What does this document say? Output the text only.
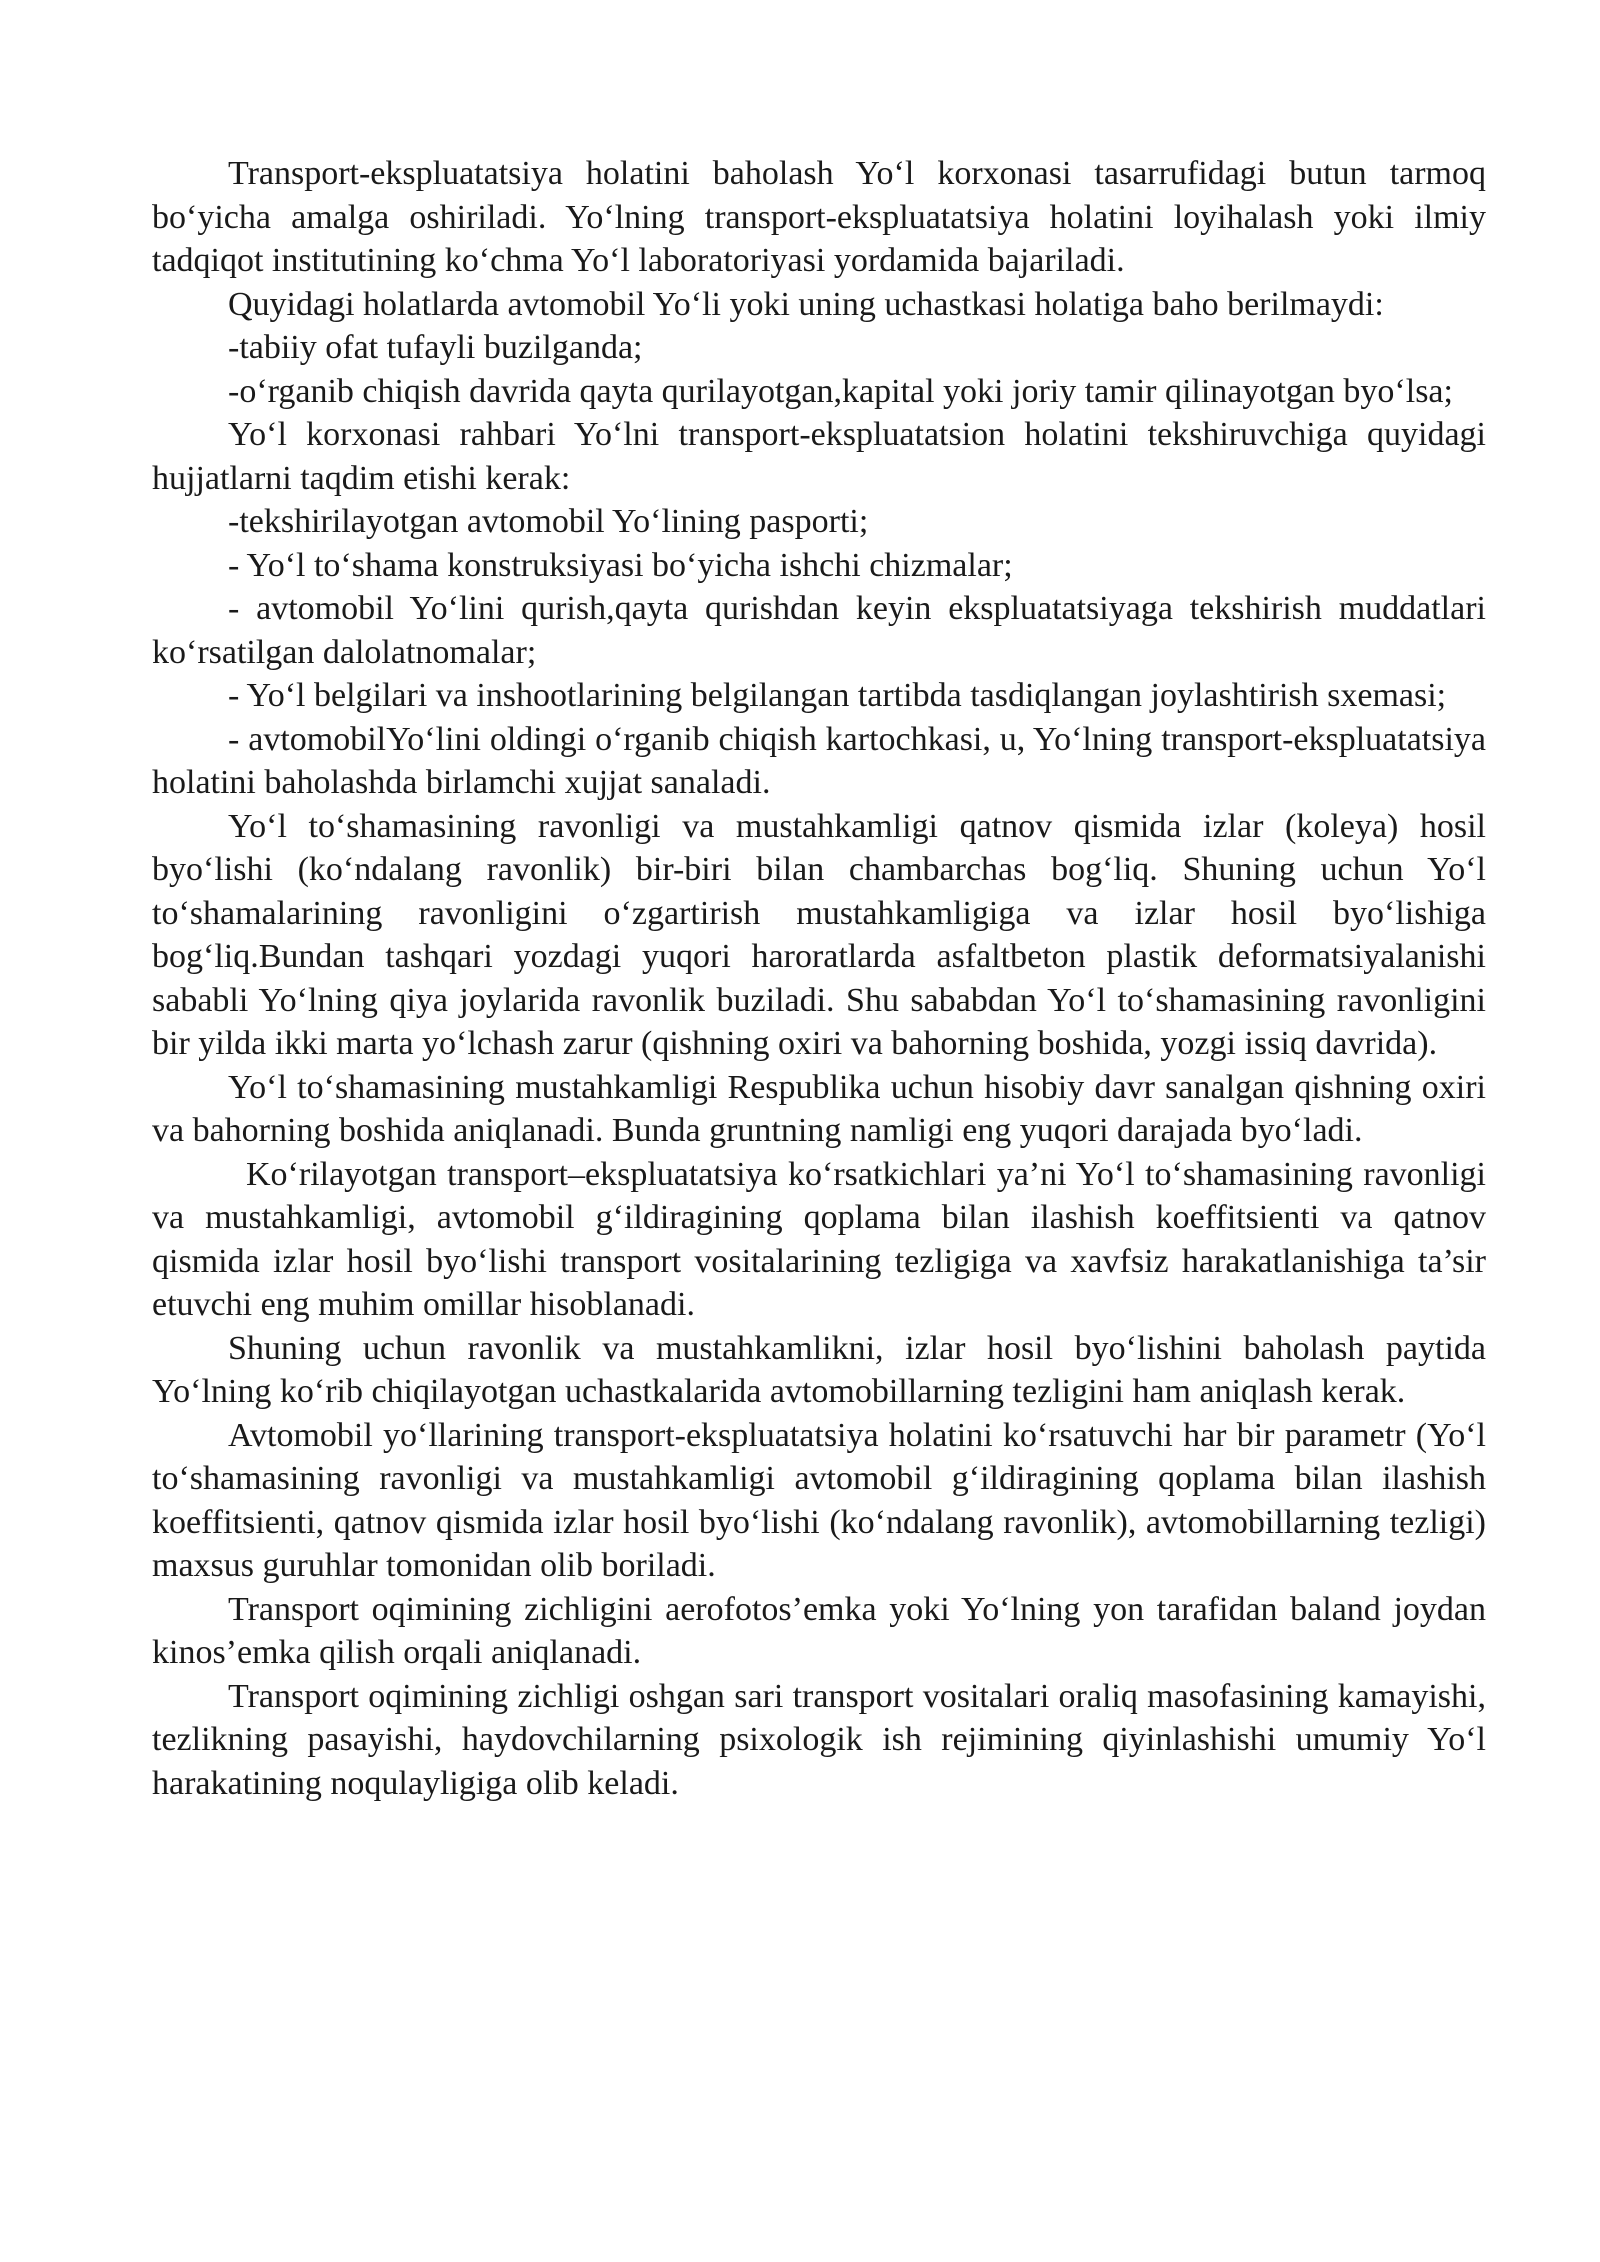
Transport-ekspluatatsiya holatini baholash Yo‘l korxonasi tasarrufidagi butun tarmoq bo‘yicha amalga oshiriladi. Yo‘lning transport-ekspluatatsiya holatini loyihalash yoki ilmiy tadqiqot institutining ko‘chma Yo‘l laboratoriyasi yordamida bajariladi.

Quyidagi holatlarda avtomobil Yo‘li yoki uning uchastkasi holatiga baho berilmaydi:

-tabiiy ofat tufayli buzilganda;

-o‘rganib chiqish davrida qayta qurilayotgan,kapital yoki joriy tamir qilinayotgan byo‘lsa;

Yo‘l korxonasi rahbari Yo‘lni transport-ekspluatatsion holatini tekshiruvchiga quyidagi hujjatlarni taqdim etishi kerak:

-tekshirilayotgan avtomobil Yo‘lining pasporti;

- Yo‘l to‘shama konstruksiyasi bo‘yicha ishchi chizmalar;

- avtomobil Yo‘lini qurish,qayta qurishdan keyin ekspluatatsiyaga tekshirish muddatlari ko‘rsatilgan dalolatnomalar;

- Yo‘l belgilari va inshootlarining belgilangan tartibda tasdiqlangan joylashtirish sxemasi;

- avtomobilYo‘lini oldingi o‘rganib chiqish kartochkasi, u, Yo‘lning transport-ekspluatatsiya holatini baholashda birlamchi xujjat sanaladi.

Yo‘l to‘shamasining ravonligi va mustahkamligi qatnov qismida izlar (koleya) hosil byo‘lishi (ko‘ndalang ravonlik) bir-biri bilan chambarchas bog‘liq. Shuning uchun Yo‘l to‘shamalarining ravonligini o‘zgartirish mustahkamligiga va izlar hosil byo‘lishiga bog‘liq.Bundan tashqari yozdagi yuqori haroratlarda asfaltbeton plastik deformatsiyalanishi sababli Yo‘lning qiya joylarida ravonlik buziladi. Shu sababdan Yo‘l to‘shamasining ravonligini bir yilda ikki marta yo‘lchash zarur (qishning oxiri va bahorning boshida, yozgi issiq davrida).

Yo‘l to‘shamasining mustahkamligi Respublika uchun hisobiy davr sanalgan qishning oxiri va bahorning boshida aniqlanadi. Bunda gruntning namligi eng yuqori darajada byo‘ladi.

Ko‘rilayotgan transport–ekspluatatsiya ko‘rsatkichlari ya’ni Yo‘l to‘shamasining ravonligi va mustahkamligi, avtomobil g‘ildiragining qoplama bilan ilashish koeffitsienti va qatnov qismida izlar hosil byo‘lishi transport vositalarining tezligiga va xavfsiz harakatlanishiga ta’sir etuvchi eng muhim omillar hisoblanadi.

Shuning uchun ravonlik va mustahkamlikni, izlar hosil byo‘lishini baholash paytida Yo‘lning ko‘rib chiqilayotgan uchastkalarida avtomobillarning tezligini ham aniqlash kerak.

Avtomobil yo‘llarining transport-ekspluatatsiya holatini ko‘rsatuvchi har bir parametr (Yo‘l to‘shamasining ravonligi va mustahkamligi avtomobil g‘ildiragining qoplama bilan ilashish koeffitsienti, qatnov qismida izlar hosil byo‘lishi (ko‘ndalang ravonlik), avtomobillarning tezligi) maxsus guruhlar tomonidan olib boriladi.

Transport oqimining zichligini aerofotos’emka yoki Yo‘lning yon tarafidan baland joydan kinos’emka qilish orqali aniqlanadi.

Transport oqimining zichligi oshgan sari transport vositalari oraliq masofasining kamayishi, tezlikning pasayishi, haydovchilarning psixologik ish rejimining qiyinlashishi umumiy Yo‘l harakatining noqulayligiga olib keladi.
